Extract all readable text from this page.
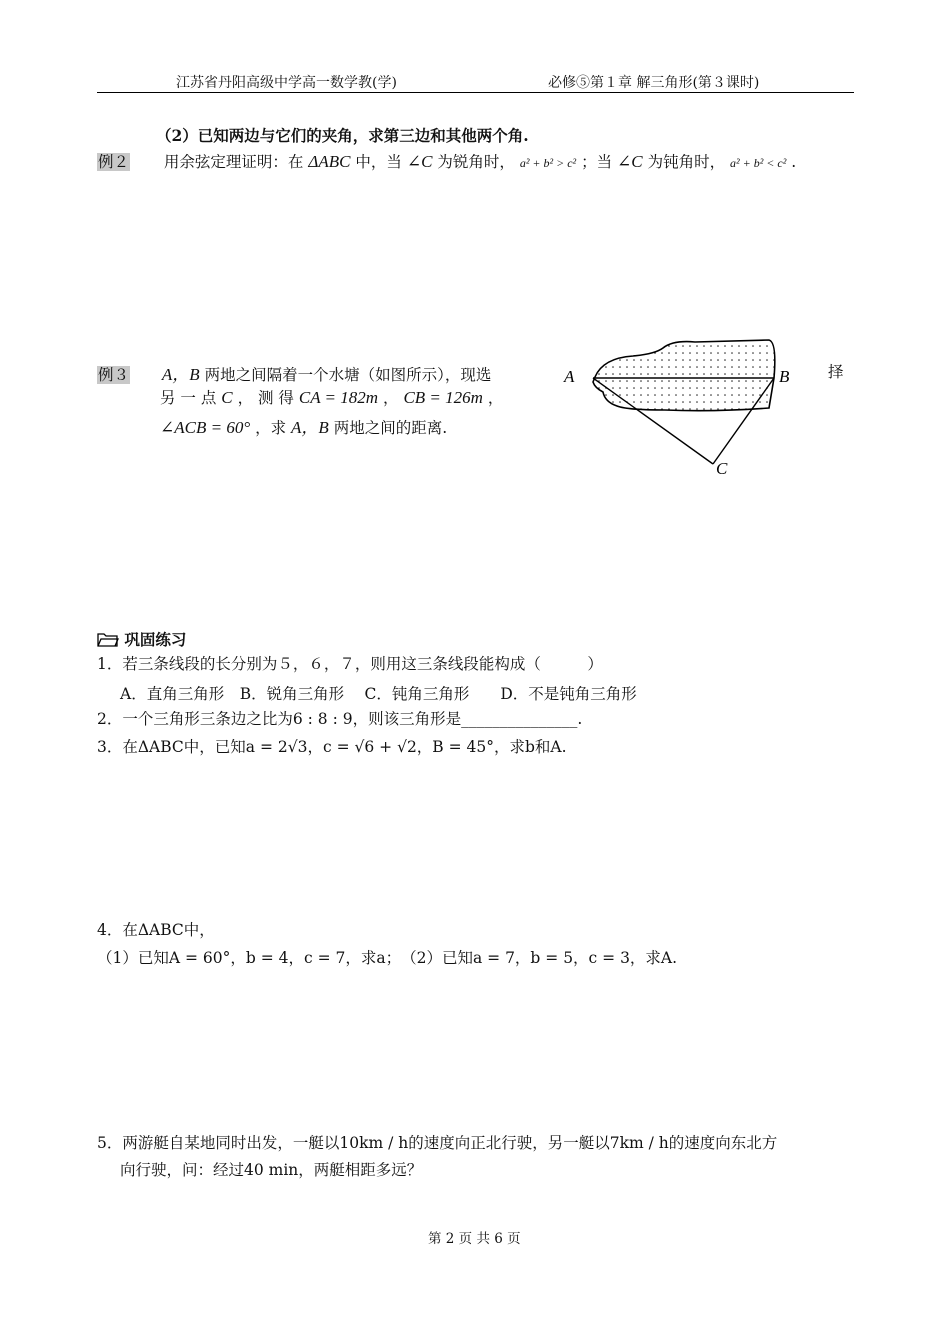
江苏省丹阳高级中学高一数学教(学)	必修⑤第１章 解三角形(第３课时)
（2）已知两边与它们的夹角，求第三边和其他两个角.
例２ 用余弦定理证明：在 ΔABC 中，当 ∠C 为锐角时， a² + b² > c² ；当 ∠C 为钝角时， a² + b² < c² .
例３ A，B 两地之间隔着一个水塘（如图所示），现选	择
另 一 点 C ， 测 得 CA = 182m ， CB = 126m ，
∠ACB = 60° ，求 A，B 两地之间的距离.
A	B
C
巩固练习
1．若三条线段的长分别为５，６，７，则用这三条线段能构成（　　　）
A．直角三角形　B．锐角三角形　 C．钝角三角形　　D．不是钝角三角形
2．一个三角形三条边之比为6 : 8 : 9，则该三角形是_______________.
3．在ΔABC中，已知a = 2√3，c = √6 + √2，B = 45°，求b和A.
4．在ΔABC中，
（1）已知A = 60°，b = 4，c = 7，求a；　（2）已知a = 7，b = 5，c = 3，求A.
5．两游艇自某地同时出发，一艇以10km / h的速度向正北行驶，另一艇以7km / h的速度向东北方
向行驶，问：经过40 min，两艇相距多远？
第 2 页 共 6 页
